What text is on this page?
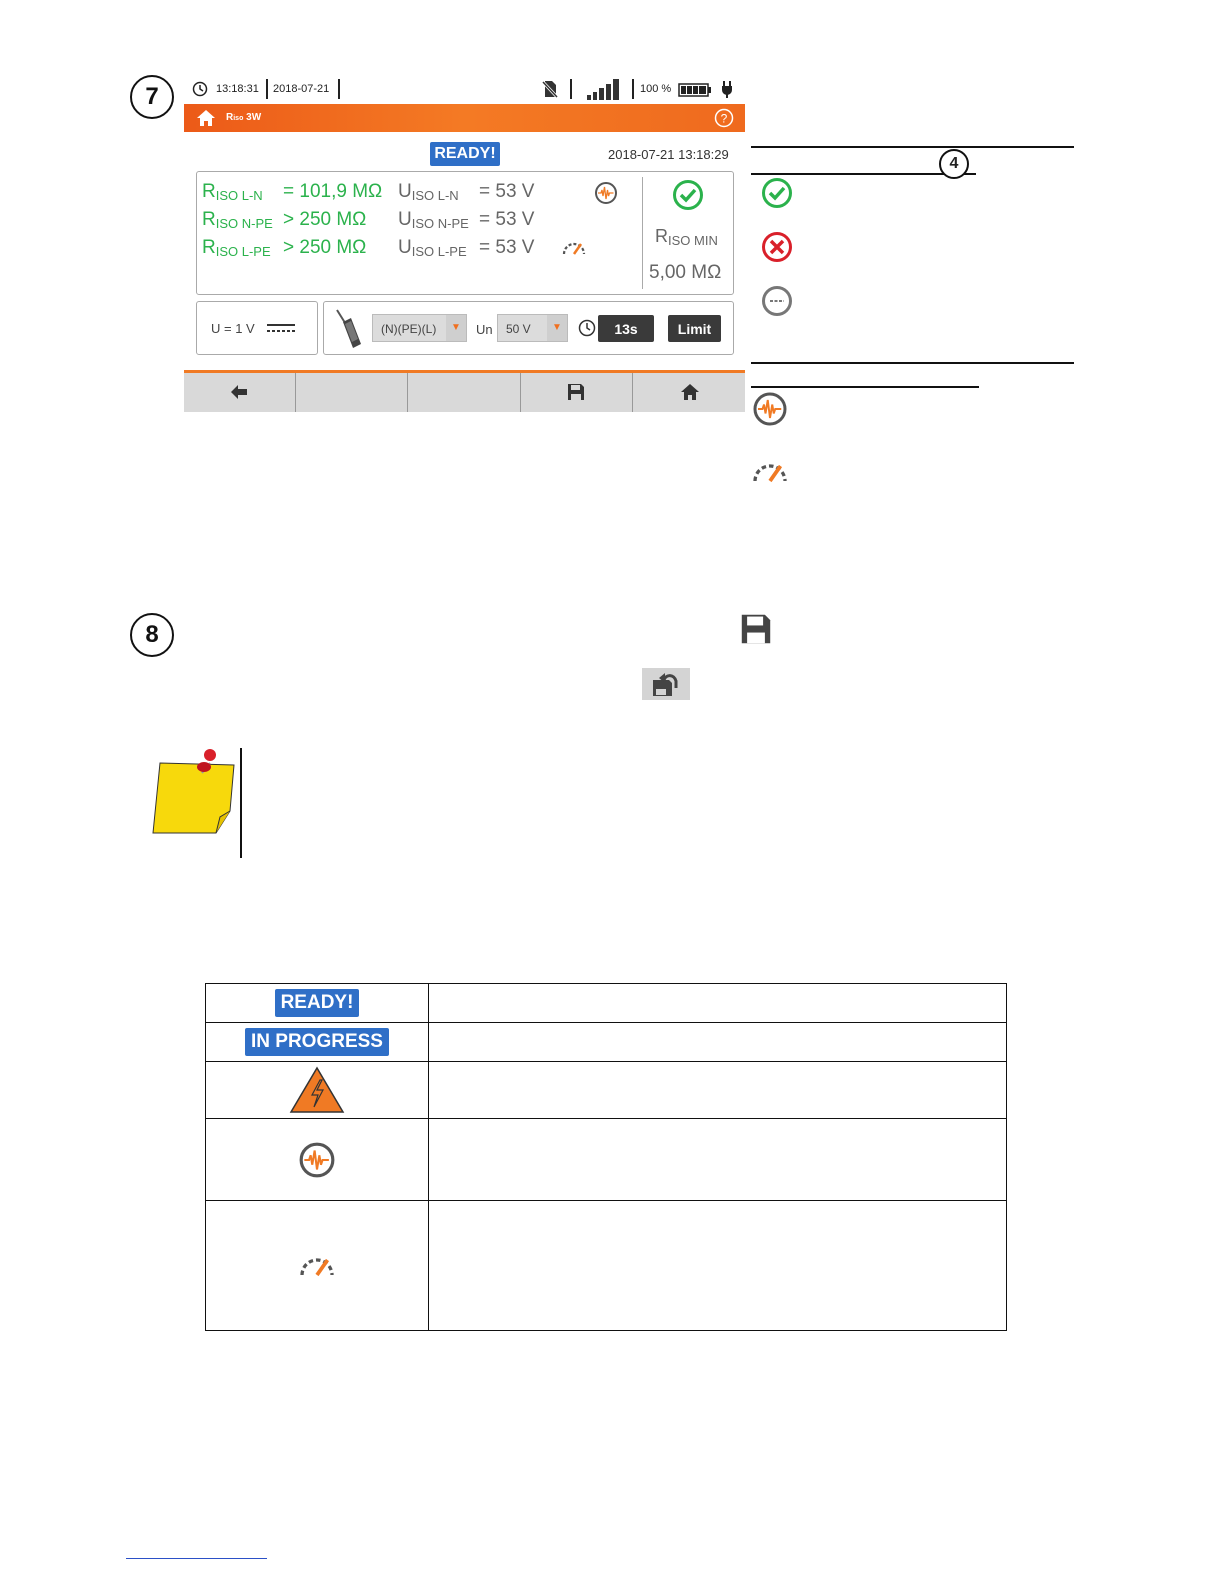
7	13:18:31 2018-07-21	100 %
Riso 3W	?
READY!	2018-07-21 13:18:29
$R_{ISO L-N} = 101,9$ MΩ $U_{ISO L-N} = 53$ V
$R_{ISO N-PE} > 250$ MΩ $U_{ISO N-PE} = 53$ V
$R_{ISO L-PE} > 250$ MΩ $U_{ISO L-PE} = 53$ V
$R_{ISO MIN}$
5,00 MΩ
U = 1 V	(N)(PE)(L)	▼	Un 50 V	▼	13s	Limit
4
8
READY!	
IN PROGRESS	
